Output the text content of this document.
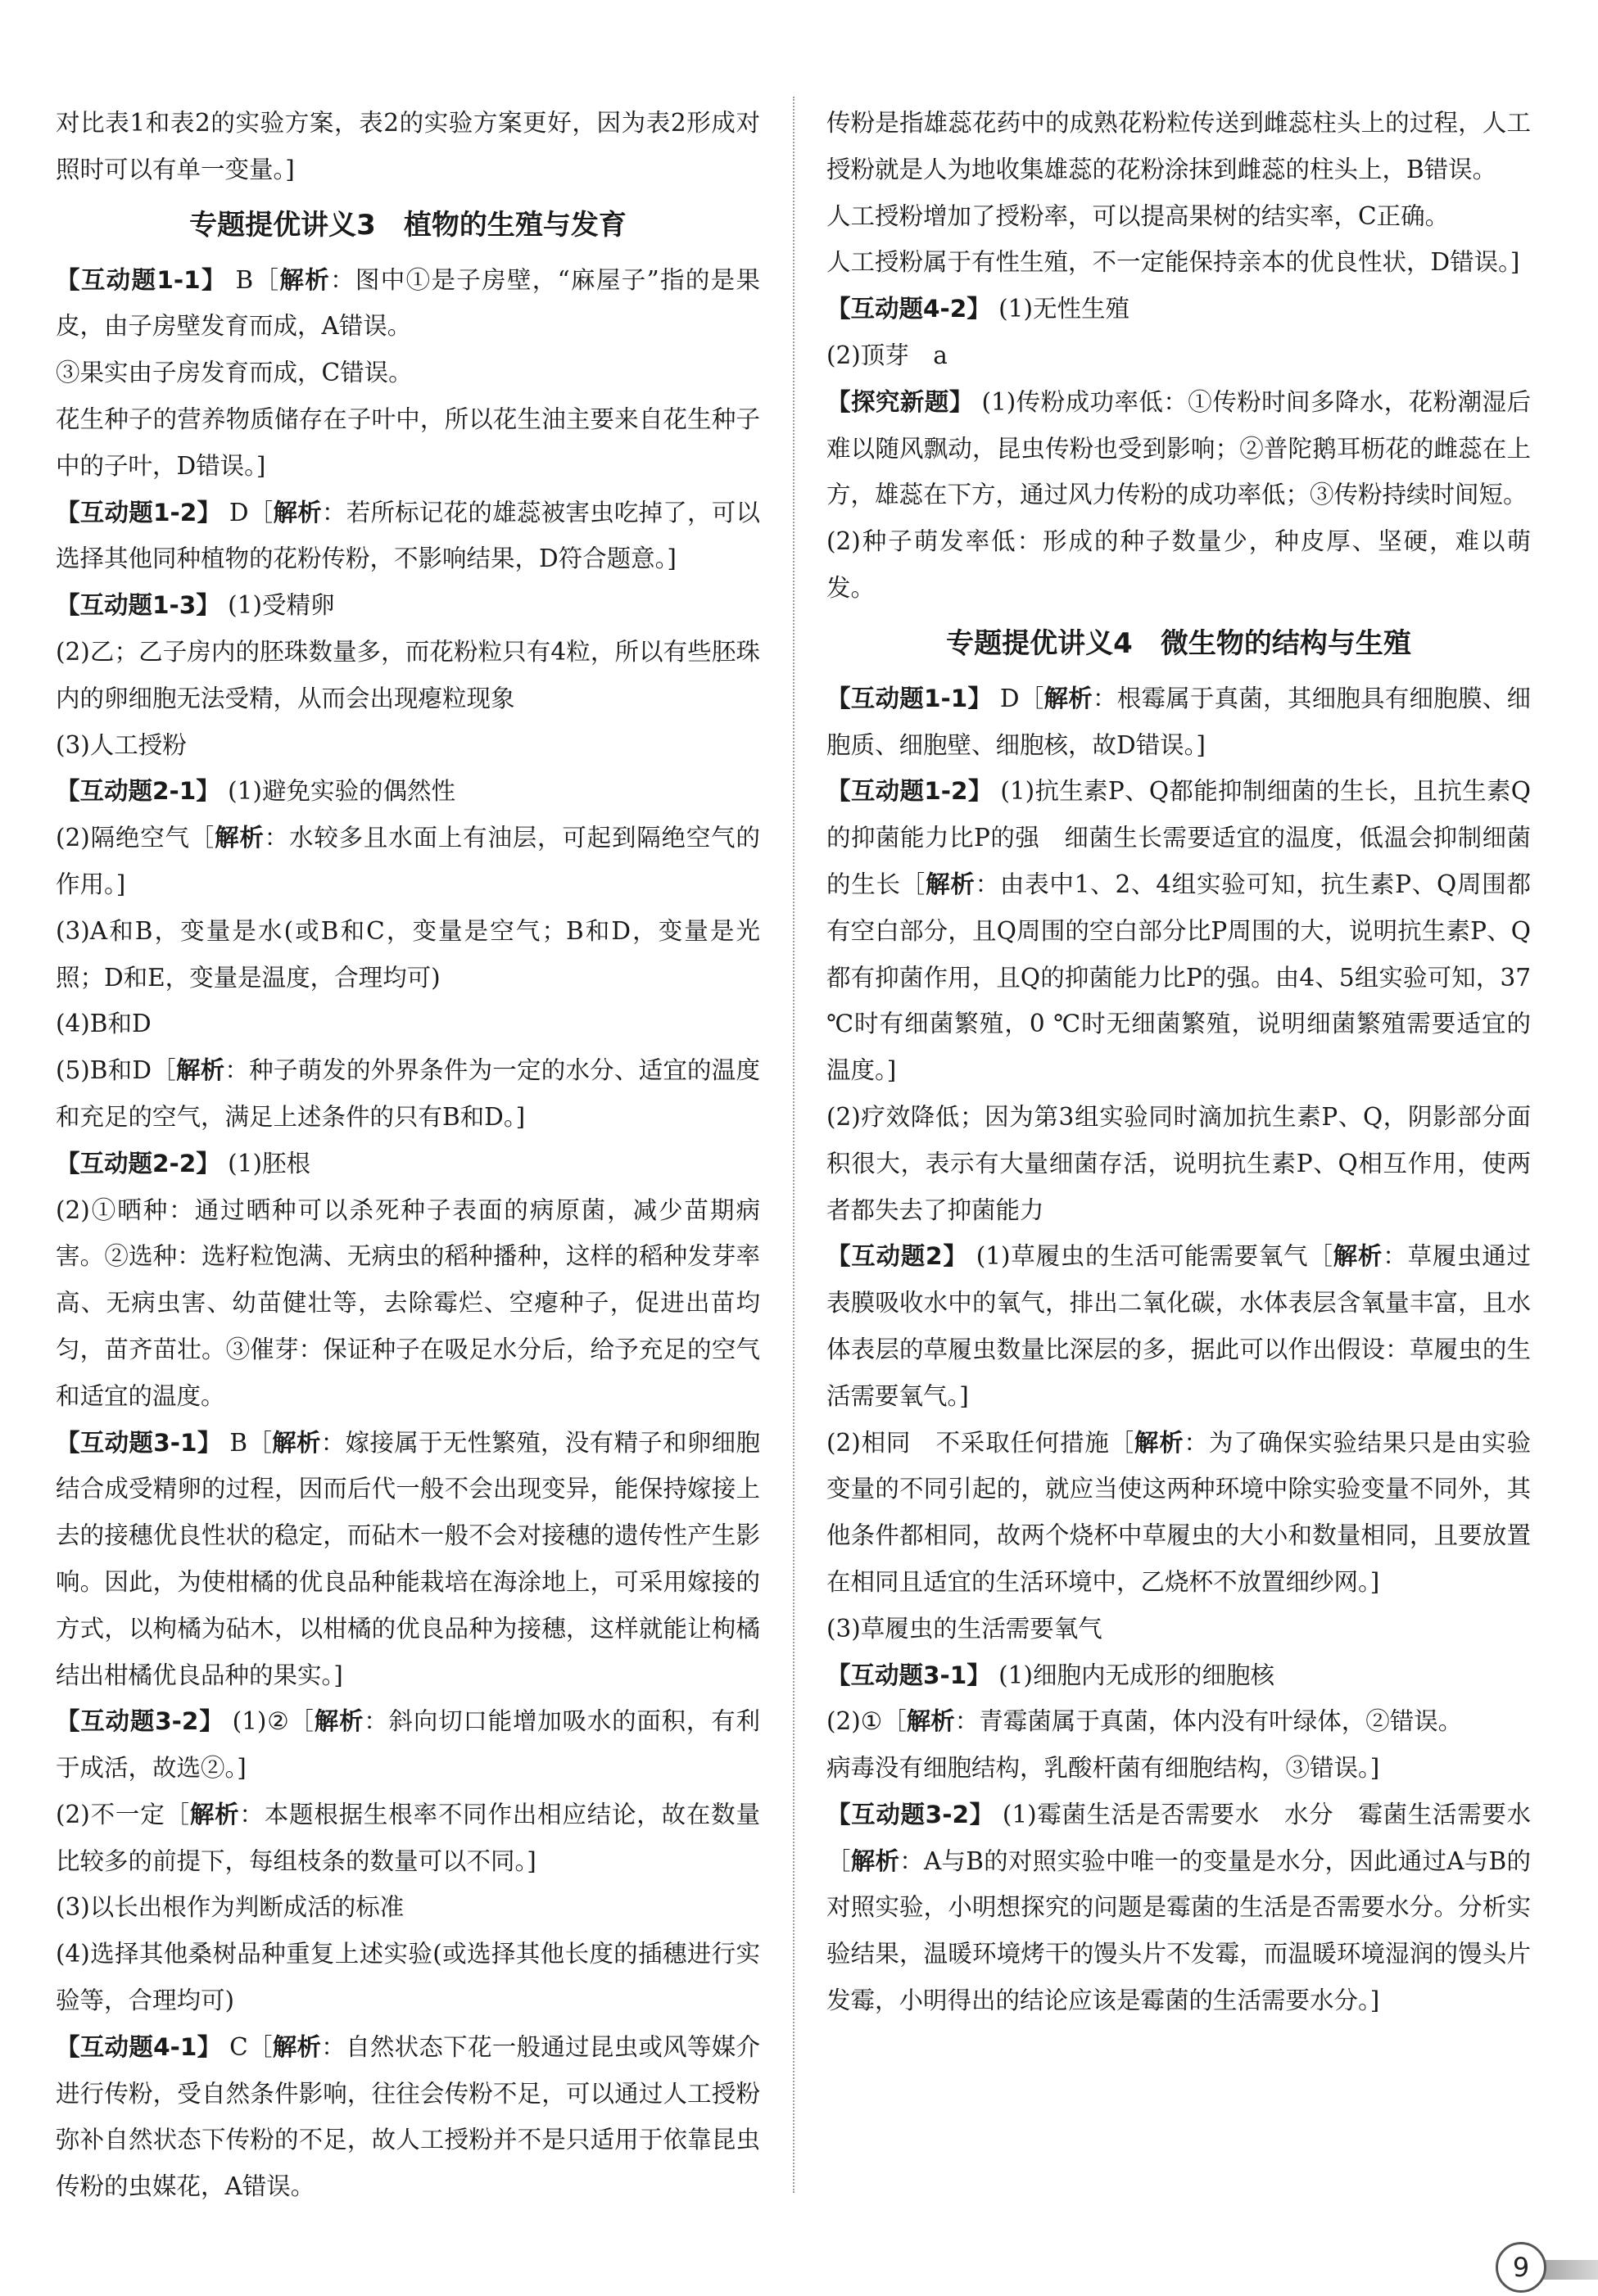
对比表1和表2的实验方案，表2的实验方案更好，因为表2形成对照时可以有单一变量。]
专题提优讲义3　植物的生殖与发育
【互动题1-1】 B［解析：图中①是子房壁，“麻屋子”指的是果皮，由子房壁发育而成，A错误。
③果实由子房发育而成，C错误。
花生种子的营养物质储存在子叶中，所以花生油主要来自花生种子中的子叶，D错误。]
【互动题1-2】 D［解析：若所标记花的雄蕊被害虫吃掉了，可以选择其他同种植物的花粉传粉，不影响结果，D符合题意。]
【互动题1-3】 (1)受精卵
(2)乙；乙子房内的胚珠数量多，而花粉粒只有4粒，所以有些胚珠内的卵细胞无法受精，从而会出现瘪粒现象
(3)人工授粉
【互动题2-1】 (1)避免实验的偶然性
(2)隔绝空气［解析：水较多且水面上有油层，可起到隔绝空气的作用。]
(3)A和B，变量是水(或B和C，变量是空气；B和D，变量是光照；D和E，变量是温度，合理均可)
(4)B和D
(5)B和D［解析：种子萌发的外界条件为一定的水分、适宜的温度和充足的空气，满足上述条件的只有B和D。]
【互动题2-2】 (1)胚根
(2)①晒种：通过晒种可以杀死种子表面的病原菌，减少苗期病害。②选种：选籽粒饱满、无病虫的稻种播种，这样的稻种发芽率高、无病虫害、幼苗健壮等，去除霉烂、空瘪种子，促进出苗均匀，苗齐苗壮。③催芽：保证种子在吸足水分后，给予充足的空气和适宜的温度。
【互动题3-1】 B［解析：嫁接属于无性繁殖，没有精子和卵细胞结合成受精卵的过程，因而后代一般不会出现变异，能保持嫁接上去的接穗优良性状的稳定，而砧木一般不会对接穗的遗传性产生影响。因此，为使柑橘的优良品种能栽培在海涂地上，可采用嫁接的方式，以枸橘为砧木，以柑橘的优良品种为接穗，这样就能让枸橘结出柑橘优良品种的果实。]
【互动题3-2】 (1)②［解析：斜向切口能增加吸水的面积，有利于成活，故选②。]
(2)不一定［解析：本题根据生根率不同作出相应结论，故在数量比较多的前提下，每组枝条的数量可以不同。]
(3)以长出根作为判断成活的标准
(4)选择其他桑树品种重复上述实验(或选择其他长度的插穗进行实验等，合理均可)
【互动题4-1】 C［解析：自然状态下花一般通过昆虫或风等媒介进行传粉，受自然条件影响，往往会传粉不足，可以通过人工授粉弥补自然状态下传粉的不足，故人工授粉并不是只适用于依靠昆虫传粉的虫媒花，A错误。
传粉是指雄蕊花药中的成熟花粉粒传送到雌蕊柱头上的过程，人工授粉就是人为地收集雄蕊的花粉涂抹到雌蕊的柱头上，B错误。
人工授粉增加了授粉率，可以提高果树的结实率，C正确。
人工授粉属于有性生殖，不一定能保持亲本的优良性状，D错误。]
【互动题4-2】 (1)无性生殖
(2)顶芽　a
【探究新题】 (1)传粉成功率低：①传粉时间多降水，花粉潮湿后难以随风飘动，昆虫传粉也受到影响；②普陀鹅耳枥花的雌蕊在上方，雄蕊在下方，通过风力传粉的成功率低；③传粉持续时间短。
(2)种子萌发率低：形成的种子数量少，种皮厚、坚硬，难以萌发。
专题提优讲义4　微生物的结构与生殖
【互动题1-1】 D［解析：根霉属于真菌，其细胞具有细胞膜、细胞质、细胞壁、细胞核，故D错误。]
【互动题1-2】 (1)抗生素P、Q都能抑制细菌的生长，且抗生素Q的抑菌能力比P的强　细菌生长需要适宜的温度，低温会抑制细菌的生长［解析：由表中1、2、4组实验可知，抗生素P、Q周围都有空白部分，且Q周围的空白部分比P周围的大，说明抗生素P、Q都有抑菌作用，且Q的抑菌能力比P的强。由4、5组实验可知，37 ℃时有细菌繁殖，0 ℃时无细菌繁殖，说明细菌繁殖需要适宜的温度。]
(2)疗效降低；因为第3组实验同时滴加抗生素P、Q，阴影部分面积很大，表示有大量细菌存活，说明抗生素P、Q相互作用，使两者都失去了抑菌能力
【互动题2】 (1)草履虫的生活可能需要氧气［解析：草履虫通过表膜吸收水中的氧气，排出二氧化碳，水体表层含氧量丰富，且水体表层的草履虫数量比深层的多，据此可以作出假设：草履虫的生活需要氧气。]
(2)相同　不采取任何措施［解析：为了确保实验结果只是由实验变量的不同引起的，就应当使这两种环境中除实验变量不同外，其他条件都相同，故两个烧杯中草履虫的大小和数量相同，且要放置在相同且适宜的生活环境中，乙烧杯不放置细纱网。]
(3)草履虫的生活需要氧气
【互动题3-1】 (1)细胞内无成形的细胞核
(2)①［解析：青霉菌属于真菌，体内没有叶绿体，②错误。
病毒没有细胞结构，乳酸杆菌有细胞结构，③错误。]
【互动题3-2】 (1)霉菌生活是否需要水　水分　霉菌生活需要水［解析：A与B的对照实验中唯一的变量是水分，因此通过A与B的对照实验，小明想探究的问题是霉菌的生活是否需要水分。分析实验结果，温暖环境烤干的馒头片不发霉，而温暖环境湿润的馒头片发霉，小明得出的结论应该是霉菌的生活需要水分。]
9
